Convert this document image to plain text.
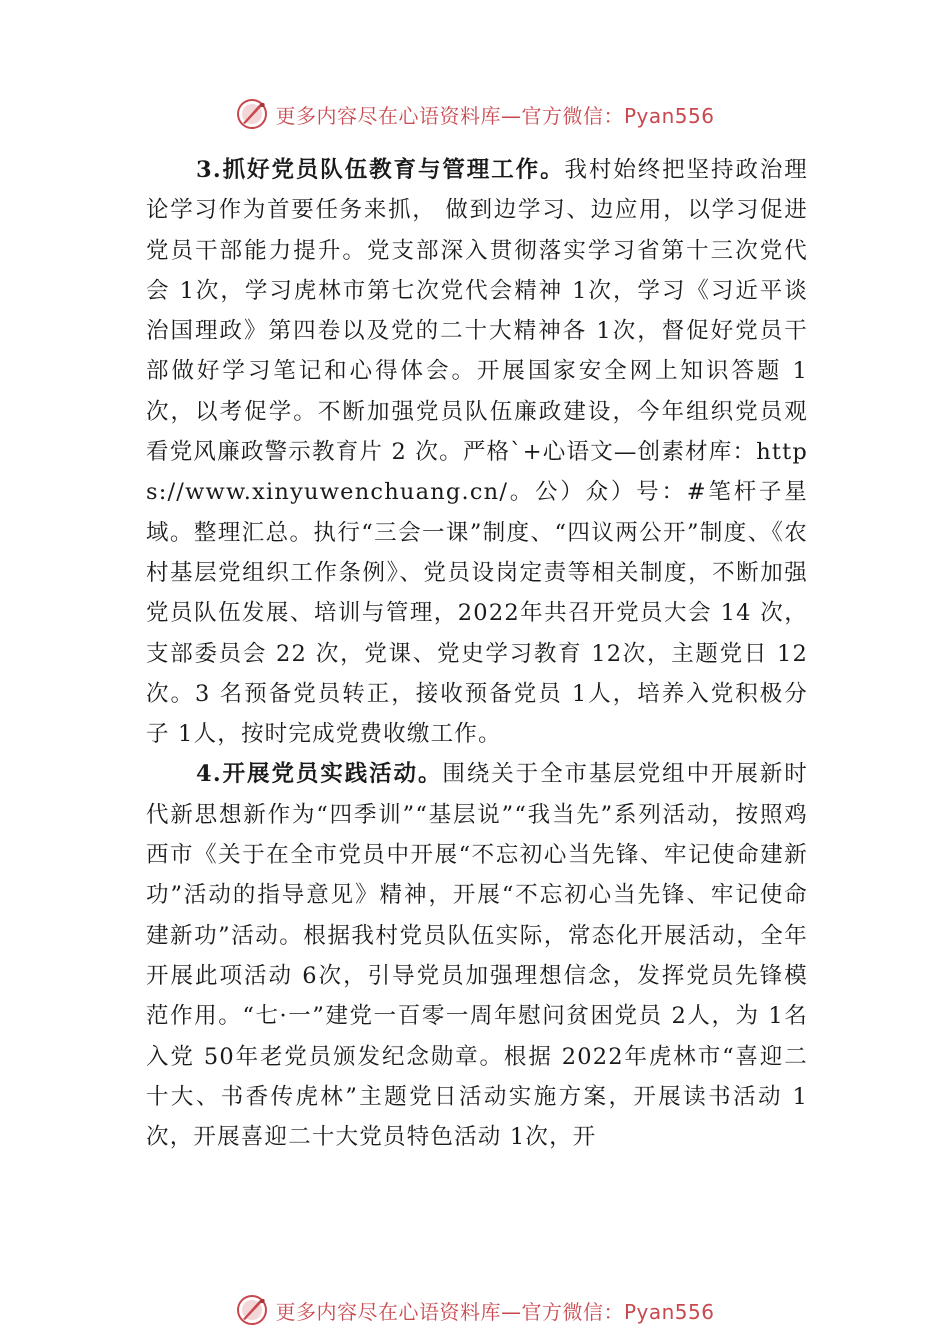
更多内容尽在心语资料库—官方微信：Pyan556

3.抓好党员队伍教育与管理工作。我村始终把坚持政治理论学习作为首要任务来抓， 做到边学习、边应用，以学习促进党员干部能力提升。党支部深入贯彻落实学习省第十三次党代会 1次，学习虎林市第七次党代会精神 1次，学习《习近平谈治国理政》第四卷以及党的二十大精神各 1次，督促好党员干部做好学习笔记和心得体会。开展国家安全网上知识答题 1次，以考促学。不断加强党员队伍廉政建设，今年组织党员观看党风廉政警示教育片 2 次。严格`+心语文—创素材库：https://www.xinyuwenchuang.cn/。公）众）号：#笔杆子星域。整理汇总。执行“三会一课”制度、“四议两公开”制度、《农村基层党组织工作条例》、党员设岗定责等相关制度，不断加强党员队伍发展、培训与管理，2022年共召开党员大会 14 次，支部委员会 22 次，党课、党史学习教育 12次，主题党日 12次。3 名预备党员转正，接收预备党员 1人，培养入党积极分子 1人，按时完成党费收缴工作。

4.开展党员实践活动。围绕关于全市基层党组中开展新时代新思想新作为“四季训”“基层说”“我当先”系列活动，按照鸡西市《关于在全市党员中开展“不忘初心当先锋、牢记使命建新功”活动的指导意见》精神，开展“不忘初心当先锋、牢记使命建新功”活动。根据我村党员队伍实际，常态化开展活动，全年开展此项活动 6次，引导党员加强理想信念，发挥党员先锋模范作用。“七·一”建党一百零一周年慰问贫困党员 2人，为 1名入党 50年老党员颁发纪念勋章。根据 2022年虎林市“喜迎二十大、书香传虎林”主题党日活动实施方案，开展读书活动 1次，开展喜迎二十大党员特色活动 1次，开

更多内容尽在心语资料库—官方微信：Pyan556
